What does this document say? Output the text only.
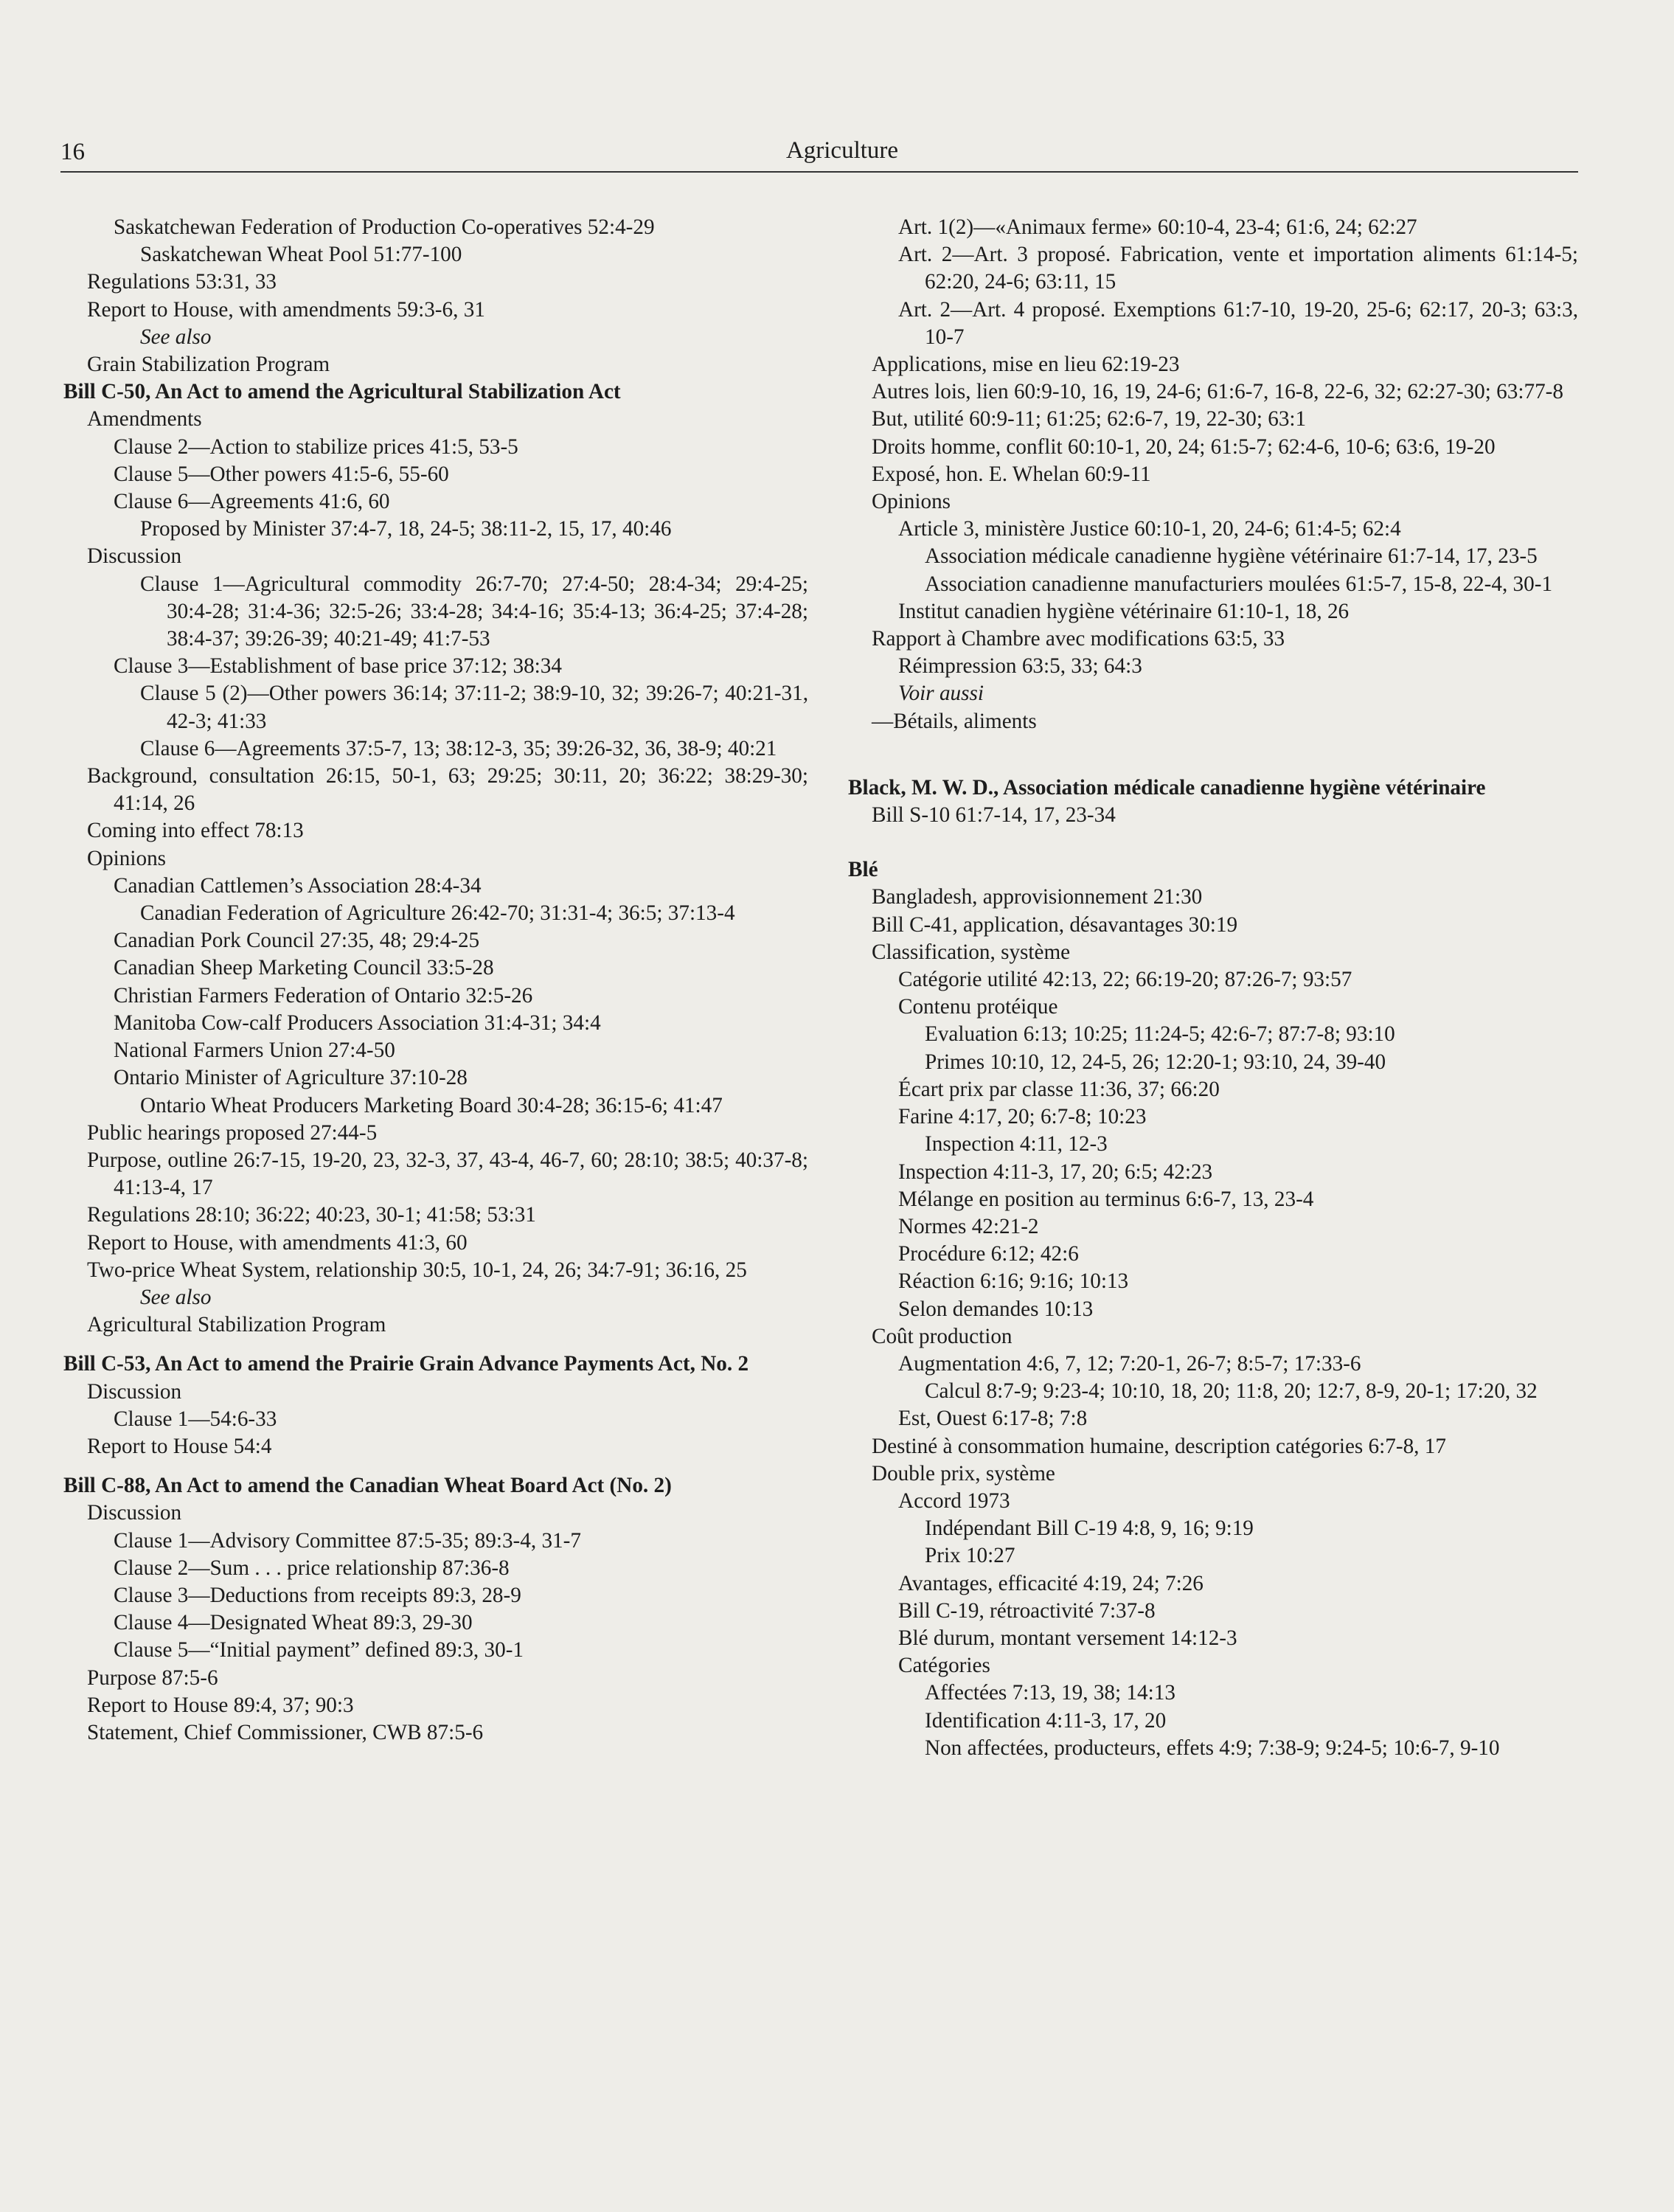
16	Agriculture
Saskatchewan Federation of Production Co-operatives 52:4-29
Saskatchewan Wheat Pool 51:77-100
Regulations 53:31, 33
Report to House, with amendments 59:3-6, 31
See also
Grain Stabilization Program
Bill C-50, An Act to amend the Agricultural Stabilization Act
Amendments
Clause 2—Action to stabilize prices 41:5, 53-5
Clause 5—Other powers 41:5-6, 55-60
Clause 6—Agreements 41:6, 60
Proposed by Minister 37:4-7, 18, 24-5; 38:11-2, 15, 17, 40:46
Discussion
Clause 1—Agricultural commodity 26:7-70; 27:4-50; 28:4-34; 29:4-25; 30:4-28; 31:4-36; 32:5-26; 33:4-28; 34:4-16; 35:4-13; 36:4-25; 37:4-28; 38:4-37; 39:26-39; 40:21-49; 41:7-53
Clause 3—Establishment of base price 37:12; 38:34
Clause 5 (2)—Other powers 36:14; 37:11-2; 38:9-10, 32; 39:26-7; 40:21-31, 42-3; 41:33
Clause 6—Agreements 37:5-7, 13; 38:12-3, 35; 39:26-32, 36, 38-9; 40:21
Background, consultation 26:15, 50-1, 63; 29:25; 30:11, 20; 36:22; 38:29-30; 41:14, 26
Coming into effect 78:13
Opinions
Canadian Cattlemen’s Association 28:4-34
Canadian Federation of Agriculture 26:42-70; 31:31-4; 36:5; 37:13-4
Canadian Pork Council 27:35, 48; 29:4-25
Canadian Sheep Marketing Council 33:5-28
Christian Farmers Federation of Ontario 32:5-26
Manitoba Cow-calf Producers Association 31:4-31; 34:4
National Farmers Union 27:4-50
Ontario Minister of Agriculture 37:10-28
Ontario Wheat Producers Marketing Board 30:4-28; 36:15-6; 41:47
Public hearings proposed 27:44-5
Purpose, outline 26:7-15, 19-20, 23, 32-3, 37, 43-4, 46-7, 60; 28:10; 38:5; 40:37-8; 41:13-4, 17
Regulations 28:10; 36:22; 40:23, 30-1; 41:58; 53:31
Report to House, with amendments 41:3, 60
Two-price Wheat System, relationship 30:5, 10-1, 24, 26; 34:7-91; 36:16, 25
See also
Agricultural Stabilization Program
Bill C-53, An Act to amend the Prairie Grain Advance Payments Act, No. 2
Discussion
Clause 1—54:6-33
Report to House 54:4
Bill C-88, An Act to amend the Canadian Wheat Board Act (No. 2)
Discussion
Clause 1—Advisory Committee 87:5-35; 89:3-4, 31-7
Clause 2—Sum . . . price relationship 87:36-8
Clause 3—Deductions from receipts 89:3, 28-9
Clause 4—Designated Wheat 89:3, 29-30
Clause 5—“Initial payment” defined 89:3, 30-1
Purpose 87:5-6
Report to House 89:4, 37; 90:3
Statement, Chief Commissioner, CWB 87:5-6
Art. 1(2)—«Animaux ferme» 60:10-4, 23-4; 61:6, 24; 62:27
Art. 2—Art. 3 proposé. Fabrication, vente et importation aliments 61:14-5; 62:20, 24-6; 63:11, 15
Art. 2—Art. 4 proposé. Exemptions 61:7-10, 19-20, 25-6; 62:17, 20-3; 63:3, 10-7
Applications, mise en lieu 62:19-23
Autres lois, lien 60:9-10, 16, 19, 24-6; 61:6-7, 16-8, 22-6, 32; 62:27-30; 63:77-8
But, utilité 60:9-11; 61:25; 62:6-7, 19, 22-30; 63:1
Droits homme, conflit 60:10-1, 20, 24; 61:5-7; 62:4-6, 10-6; 63:6, 19-20
Exposé, hon. E. Whelan 60:9-11
Opinions
Article 3, ministère Justice 60:10-1, 20, 24-6; 61:4-5; 62:4
Association médicale canadienne hygiène vétérinaire 61:7-14, 17, 23-5
Association canadienne manufacturiers moulées 61:5-7, 15-8, 22-4, 30-1
Institut canadien hygiène vétérinaire 61:10-1, 18, 26
Rapport à Chambre avec modifications 63:5, 33
Réimpression 63:5, 33; 64:3
Voir aussi
—Bétails, aliments
Black, M. W. D., Association médicale canadienne hygiène vétérinaire
Bill S-10 61:7-14, 17, 23-34
Blé
Bangladesh, approvisionnement 21:30
Bill C-41, application, désavantages 30:19
Classification, système
Catégorie utilité 42:13, 22; 66:19-20; 87:26-7; 93:57
Contenu protéique
Evaluation 6:13; 10:25; 11:24-5; 42:6-7; 87:7-8; 93:10
Primes 10:10, 12, 24-5, 26; 12:20-1; 93:10, 24, 39-40
Écart prix par classe 11:36, 37; 66:20
Farine 4:17, 20; 6:7-8; 10:23
Inspection 4:11, 12-3
Inspection 4:11-3, 17, 20; 6:5; 42:23
Mélange en position au terminus 6:6-7, 13, 23-4
Normes 42:21-2
Procédure 6:12; 42:6
Réaction 6:16; 9:16; 10:13
Selon demandes 10:13
Coût production
Augmentation 4:6, 7, 12; 7:20-1, 26-7; 8:5-7; 17:33-6
Calcul 8:7-9; 9:23-4; 10:10, 18, 20; 11:8, 20; 12:7, 8-9, 20-1; 17:20, 32
Est, Ouest 6:17-8; 7:8
Destiné à consommation humaine, description catégories 6:7-8, 17
Double prix, système
Accord 1973
Indépendant Bill C-19 4:8, 9, 16; 9:19
Prix 10:27
Avantages, efficacité 4:19, 24; 7:26
Bill C-19, rétroactivité 7:37-8
Blé durum, montant versement 14:12-3
Catégories
Affectées 7:13, 19, 38; 14:13
Identification 4:11-3, 17, 20
Non affectées, producteurs, effets 4:9; 7:38-9; 9:24-5; 10:6-7, 9-10
